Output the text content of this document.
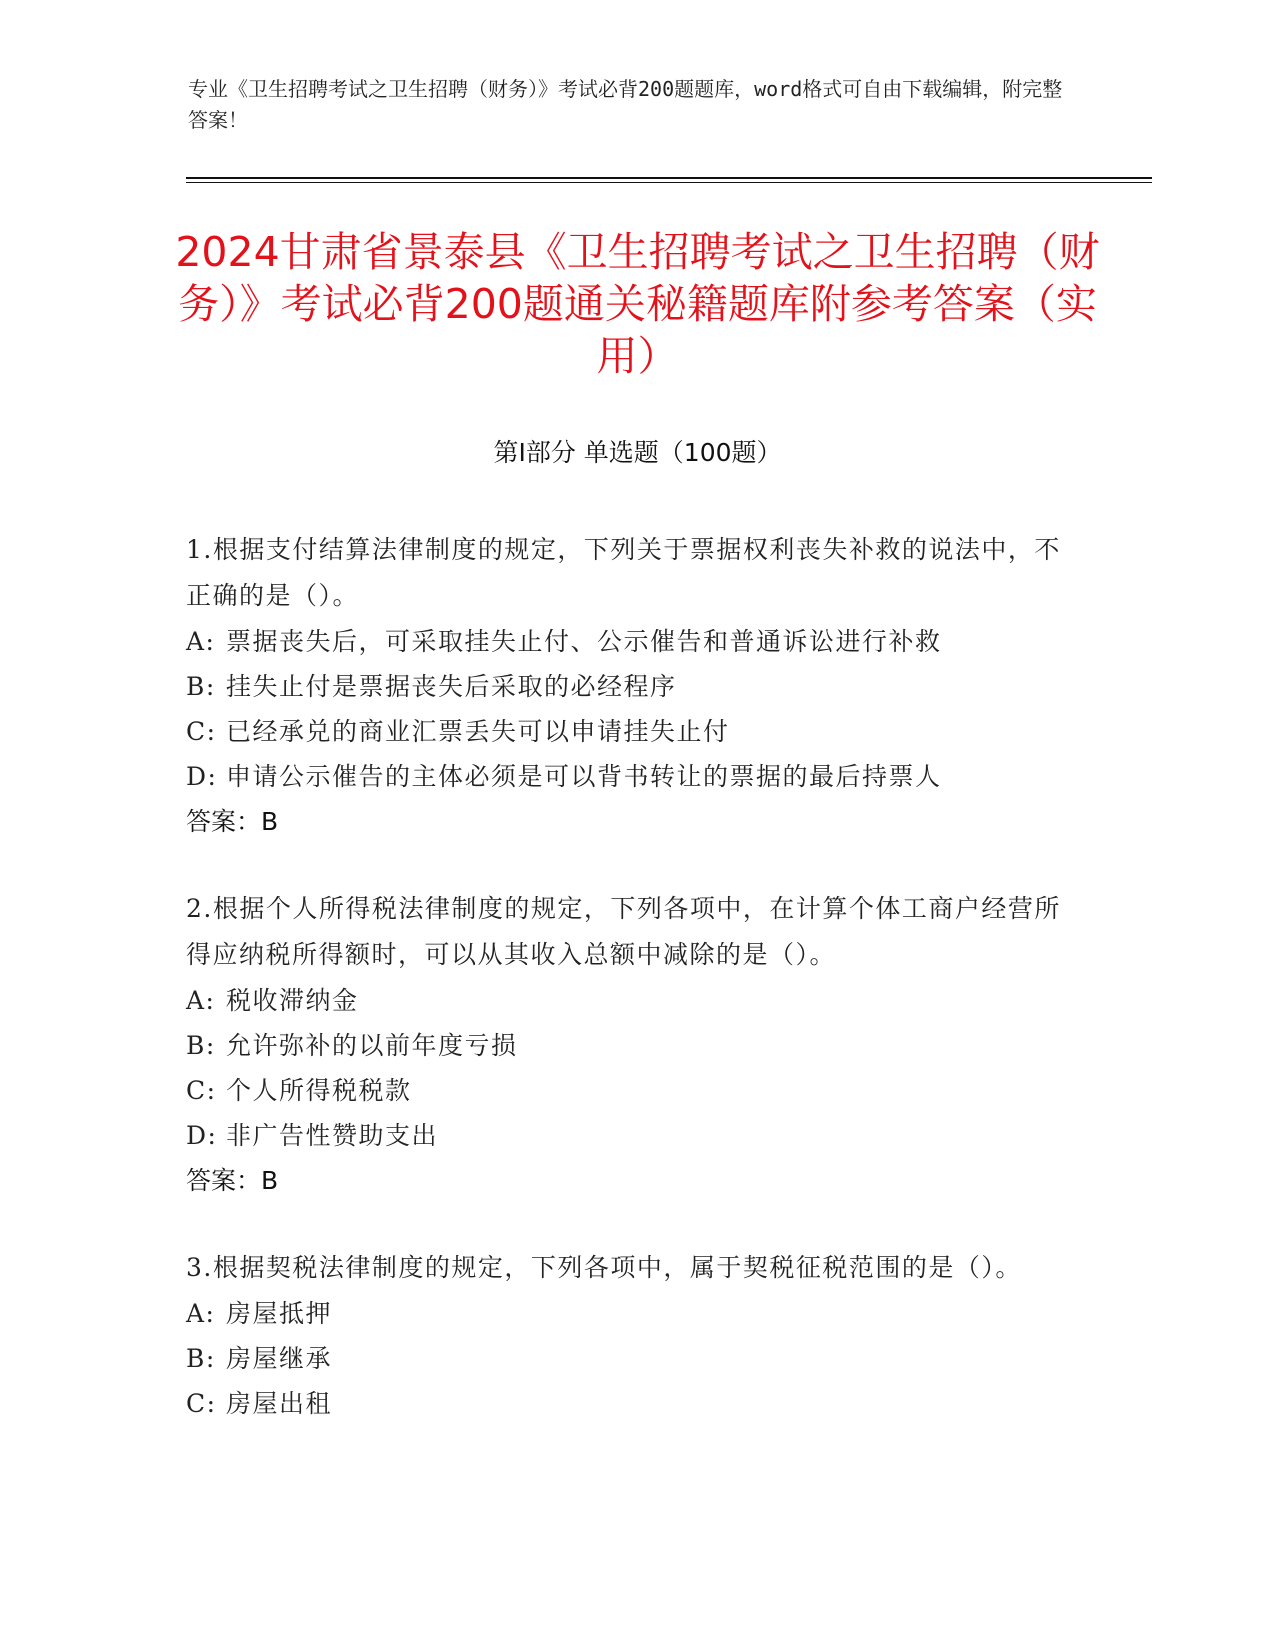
专业《卫生招聘考试之卫生招聘（财务）》考试必背200题题库，word格式可自由下载编辑，附完整答案！
2024甘肃省景泰县《卫生招聘考试之卫生招聘（财务）》考试必背200题通关秘籍题库附参考答案（实用）
第I部分 单选题（100题）
1.根据支付结算法律制度的规定，下列关于票据权利丧失补救的说法中，不正确的是（）。
A: 票据丧失后，可采取挂失止付、公示催告和普通诉讼进行补救
B: 挂失止付是票据丧失后采取的必经程序
C: 已经承兑的商业汇票丢失可以申请挂失止付
D: 申请公示催告的主体必须是可以背书转让的票据的最后持票人
答案：B
2.根据个人所得税法律制度的规定，下列各项中，在计算个体工商户经营所得应纳税所得额时，可以从其收入总额中减除的是（）。
A: 税收滞纳金
B: 允许弥补的以前年度亏损
C: 个人所得税税款
D: 非广告性赞助支出
答案：B
3.根据契税法律制度的规定，下列各项中，属于契税征税范围的是（）。
A: 房屋抵押
B: 房屋继承
C: 房屋出租
